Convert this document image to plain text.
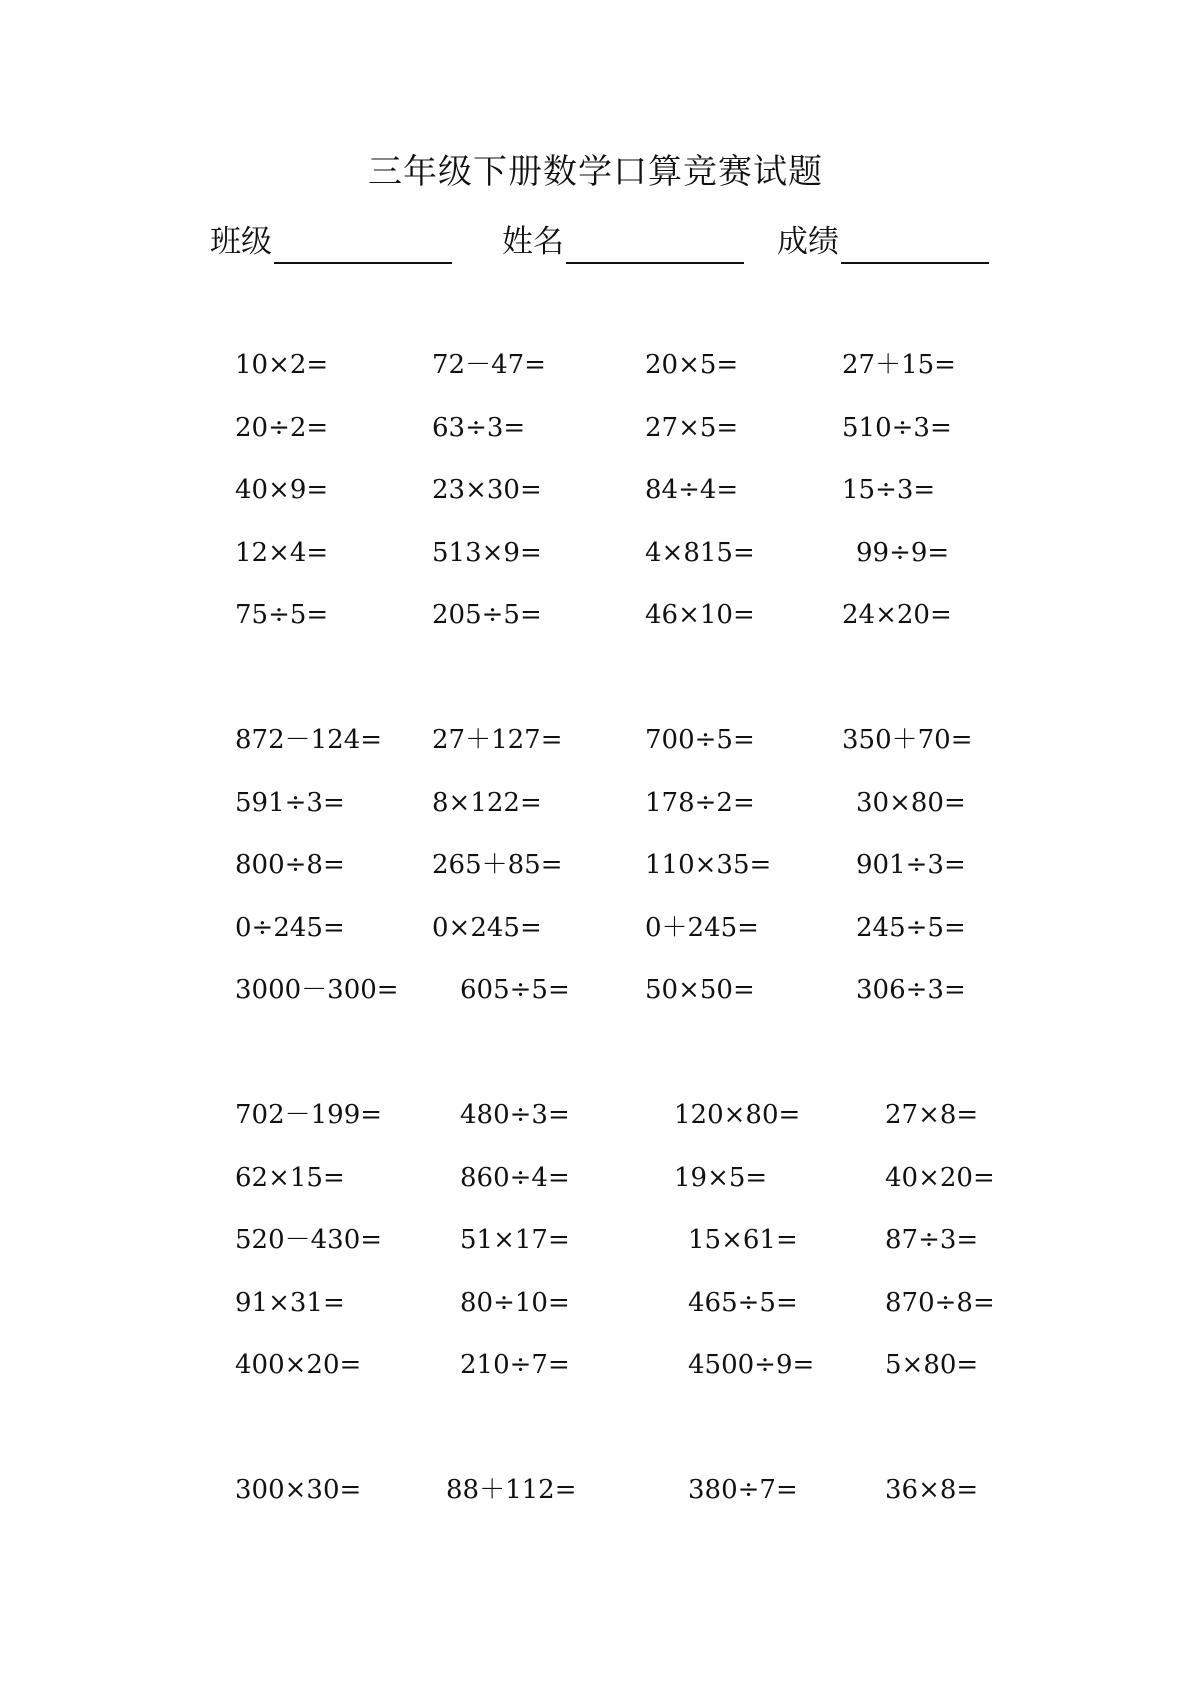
三年级下册数学口算竞赛试题
班级	姓名	成绩
10×2=	72－47=	20×5=	27＋15=
20÷2=	63÷3=	27×5=	510÷3=
40×9=	23×30=	84÷4=	15÷3=
12×4=	513×9=	4×815=	99÷9=
75÷5=	205÷5=	46×10=	24×20=
872－124= 27＋127=	700÷5=	350＋70=
591÷3=	8×122=	178÷2=	30×80=
800÷8=	265＋85=	110×35=	901÷3=
0÷245=	0×245=	0＋245=	245÷5=
3000－300= 605÷5=	50×50=	306÷3=
702－199=	480÷3=	120×80=	27×8=
62×15=	860÷4=	19×5=	40×20=
520－430=	51×17=	15×61=	87÷3=
91×31=	80÷10=	465÷5=	870÷8=
400×20=	210÷7=	4500÷9=	5×80=
300×30=	88＋112=	380÷7=	36×8=
